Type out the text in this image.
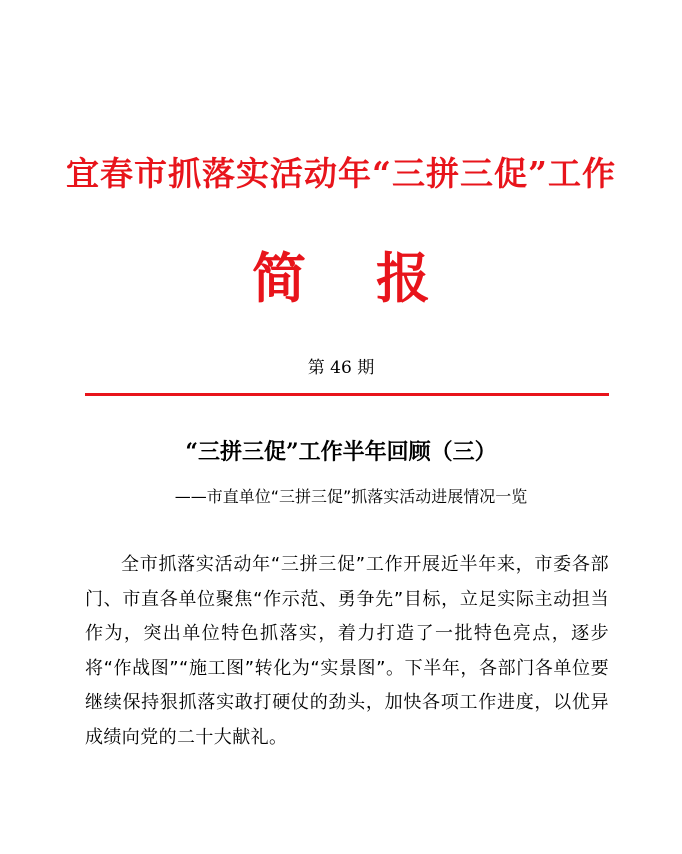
宜春市抓落实活动年“三拼三促”工作
简报
第 46 期
“三拼三促”工作半年回顾（三）
——市直单位“三拼三促”抓落实活动进展情况一览

全市抓落实活动年“三拼三促”工作开展近半年来，市委各部门、市直各单位聚焦“作示范、勇争先”目标，立足实际主动担当作为，突出单位特色抓落实，着力打造了一批特色亮点，逐步将“作战图”“施工图”转化为“实景图”。下半年，各部门各单位要继续保持狠抓落实敢打硬仗的劲头，加快各项工作进度，以优异成绩向党的二十大献礼。
